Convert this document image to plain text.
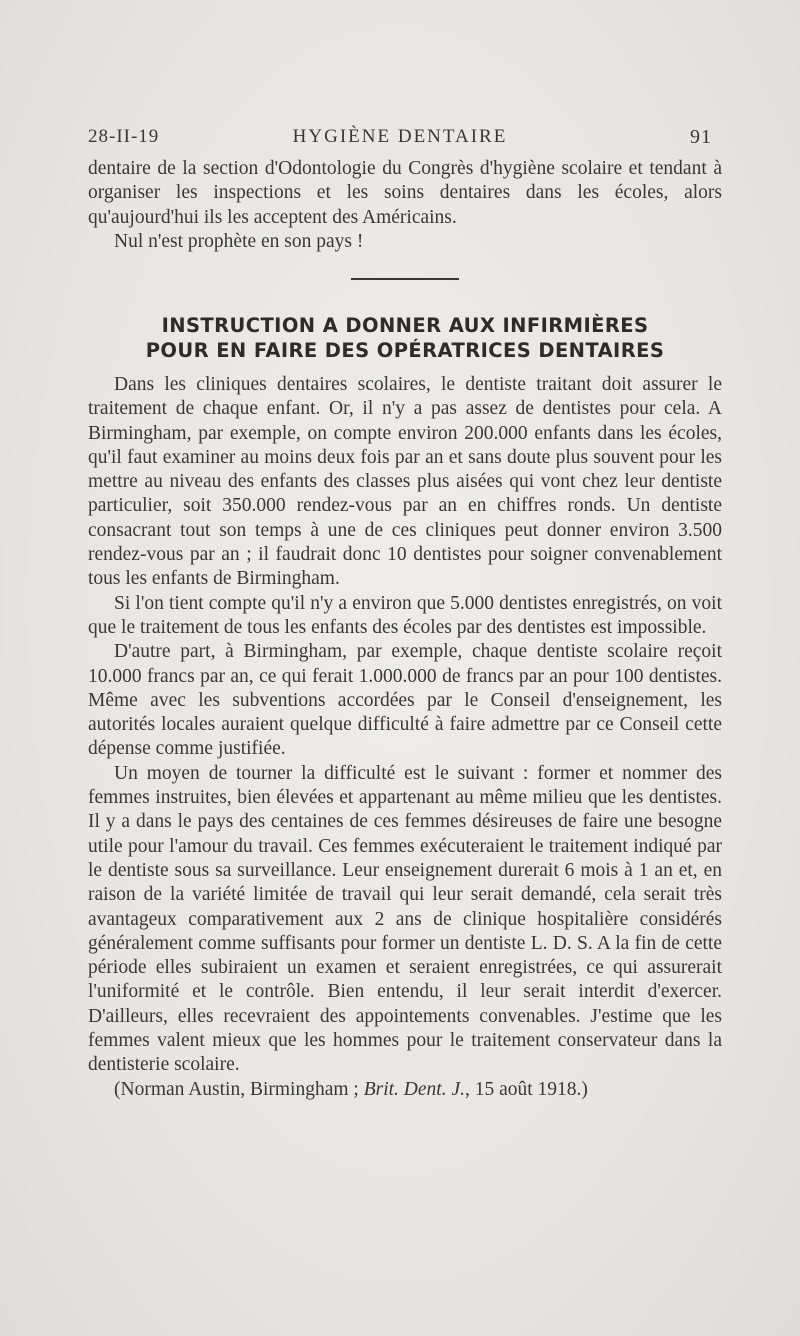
28-II-19	HYGIÈNE DENTAIRE	91

dentaire de la section d'Odontologie du Congrès d'hygiène scolaire et tendant à organiser les inspections et les soins dentaires dans les écoles, alors qu'aujourd'hui ils les acceptent des Américains.

Nul n'est prophète en son pays !

INSTRUCTION A DONNER AUX INFIRMIÈRES
POUR EN FAIRE DES OPÉRATRICES DENTAIRES

Dans les cliniques dentaires scolaires, le dentiste traitant doit assurer le traitement de chaque enfant. Or, il n'y a pas assez de dentistes pour cela. A Birmingham, par exemple, on compte environ 200.000 enfants dans les écoles, qu'il faut examiner au moins deux fois par an et sans doute plus souvent pour les mettre au niveau des enfants des classes plus aisées qui vont chez leur dentiste particulier, soit 350.000 rendez-vous par an en chiffres ronds. Un dentiste consacrant tout son temps à une de ces cliniques peut donner environ 3.500 rendez-vous par an ; il faudrait donc 10 dentistes pour soigner convenablement tous les enfants de Birmingham.

Si l'on tient compte qu'il n'y a environ que 5.000 dentistes enregistrés, on voit que le traitement de tous les enfants des écoles par des dentistes est impossible.

D'autre part, à Birmingham, par exemple, chaque dentiste scolaire reçoit 10.000 francs par an, ce qui ferait 1.000.000 de francs par an pour 100 dentistes. Même avec les subventions accordées par le Conseil d'enseignement, les autorités locales auraient quelque difficulté à faire admettre par ce Conseil cette dépense comme justifiée.

Un moyen de tourner la difficulté est le suivant : former et nommer des femmes instruites, bien élevées et appartenant au même milieu que les dentistes. Il y a dans le pays des centaines de ces femmes désireuses de faire une besogne utile pour l'amour du travail. Ces femmes exécuteraient le traitement indiqué par le dentiste sous sa surveillance. Leur enseignement durerait 6 mois à 1 an et, en raison de la variété limitée de travail qui leur serait demandé, cela serait très avantageux comparativement aux 2 ans de clinique hospitalière considérés généralement comme suffisants pour former un dentiste L. D. S. A la fin de cette période elles subiraient un examen et seraient enregistrées, ce qui assurerait l'uniformité et le contrôle. Bien entendu, il leur serait interdit d'exercer. D'ailleurs, elles recevraient des appointements convenables. J'estime que les femmes valent mieux que les hommes pour le traitement conservateur dans la dentisterie scolaire.

(Norman Austin, Birmingham ; Brit. Dent. J., 15 août 1918.)
